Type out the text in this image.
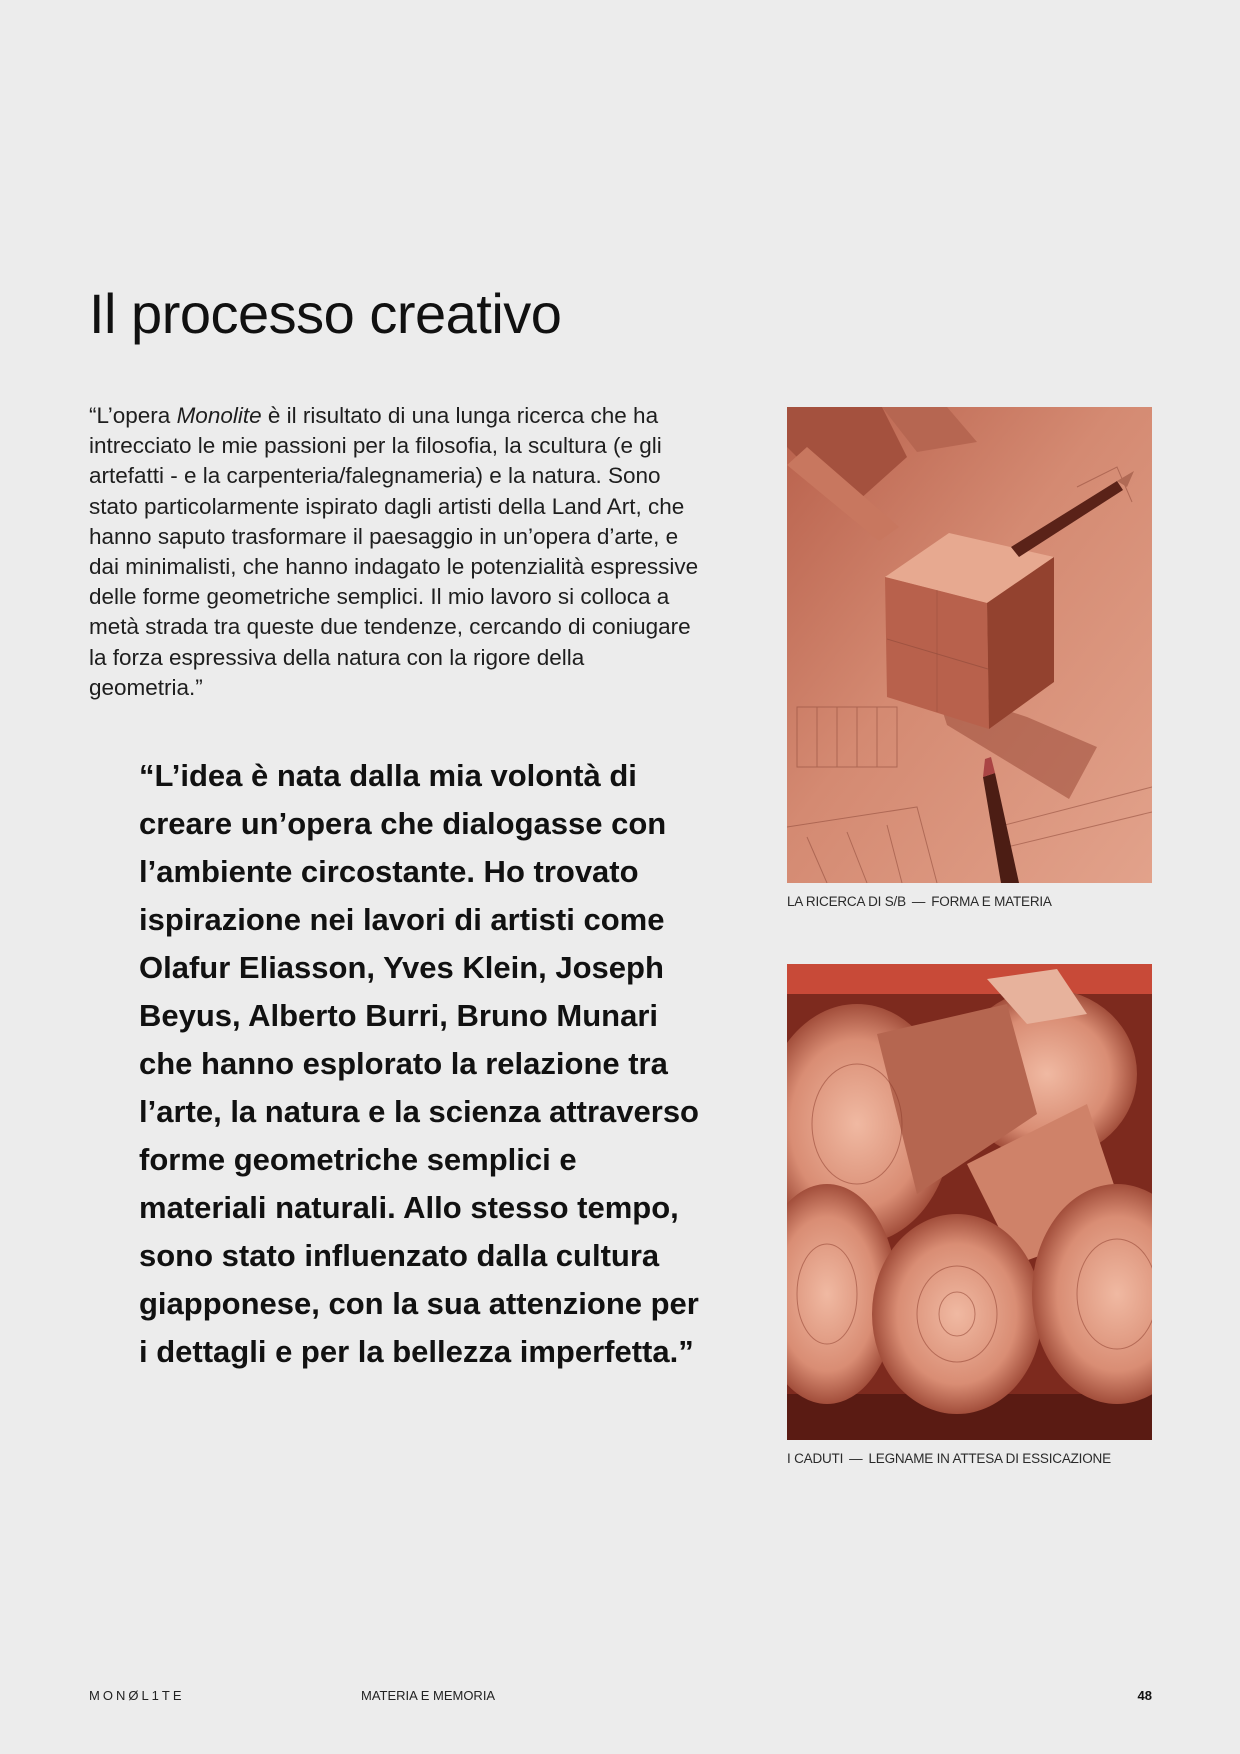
Il processo creativo

“L’opera Monolite è il risultato di una lunga ricerca che ha intrecciato le mie passioni per la filosofia, la scultura (e gli artefatti - e la carpenteria/falegnameria) e la natura. Sono stato particolarmente ispirato dagli artisti della Land Art, che hanno saputo trasformare il paesaggio in un’opera d’arte, e dai minimalisti, che hanno indagato le potenzialità espressive delle forme geometriche semplici. Il mio lavoro si colloca a metà strada tra queste due tendenze, cercando di coniugare la forza espressiva della natura con la rigore della geometria.”

“L’idea è nata dalla mia volontà di creare un’opera che dialogasse con l’ambiente circostante. Ho trovato ispirazione nei lavori di artisti come Olafur Eliasson, Yves Klein, Joseph Beyus, Alberto Burri, Bruno Munari che hanno esplorato la relazione tra l’arte, la natura e la scienza attraverso forme geometriche semplici e materiali naturali. Allo stesso tempo, sono stato influenzato dalla cultura giapponese, con la sua attenzione per i dettagli e per la bellezza imperfetta.”

LA RICERCA DI S/B — FORMA E MATERIA
I CADUTI — LEGNAME IN ATTESA DI ESSICAZIONE
MONØL1TE	MATERIA E MEMORIA	48
